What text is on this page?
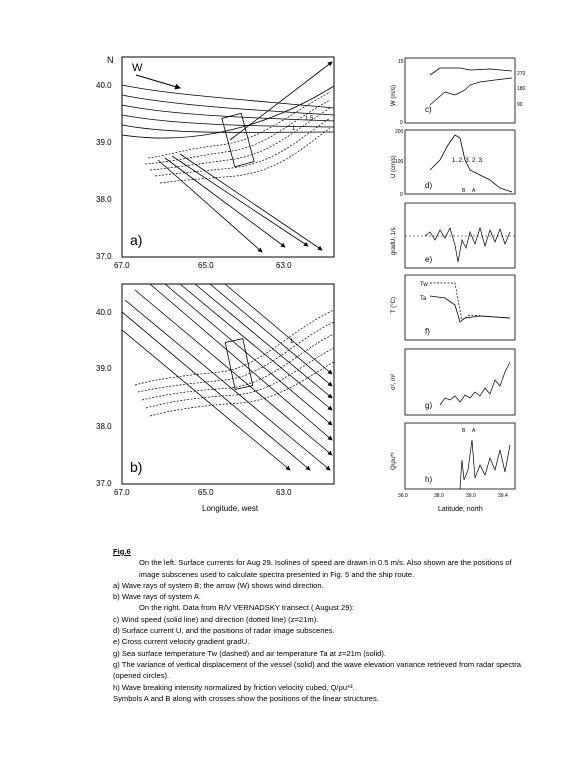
N
W
40.0
39.0
38.0
37.0
67.0	65.0	63.0
a)
1
1.5
40.0
39.0
38.0
37.0
67.0	65.0	63.0
Longitude, west
b)
1
W (m/s)
15
0
270
180
90
c)
U (cm/s)
200
100
0
1. 2. 3. 2. 3.
B A
d)
gradU, 1/s
e)
T (°C)
Tw
Ta
f)
σ², m²
g)
Q/ρu*³
B A
h)
36.0	38.0	39.0	39.4
Latitude, north

Fig.6

On the left. Surface currents for Aug 29. Isolines of speed are drawn in 0.5 m/s. Also shown are the positions of image subscenes used to calculate spectra presented in Fig. 5 and the ship route.

a) Wave rays of system B; the arrow (W) shows wind direction.

b) Wave rays of system A.

On the right. Data from R/V VERNADSKY transect ( August 29):

c) Wind speed (solid line) and direction (dotted line) (z=21m).

d) Surface current U, and the positions of radar image subscenes.

e) Cross current velocity gradient gradU.

g) Sea surface temperature Tw (dashed) and air temperature Ta at z=21m (solid).

g) The variance of vertical displacement of the vessel (solid) and the wave elevation variance retrieved from radar spectra (opened circles).

h) Wave breaking intensity normalized by friction velocity cubed, Q/ρu*³.

Symbols A and B along with crosses show the positions of the linear structures.
